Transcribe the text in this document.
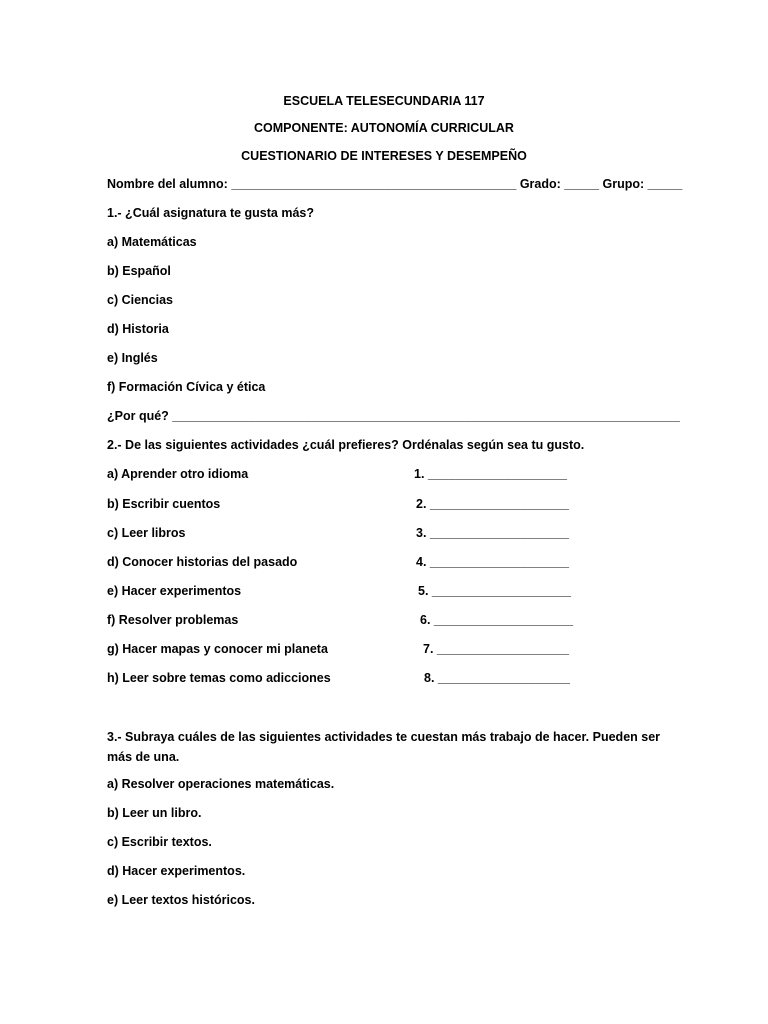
ESCUELA TELESECUNDARIA 117
COMPONENTE: AUTONOMÍA CURRICULAR
CUESTIONARIO DE INTERESES Y DESEMPEÑO
Nombre del alumno: _________________________________________ Grado: _____ Grupo: _____
1.- ¿Cuál asignatura te gusta más?
a) Matemáticas
b) Español
c) Ciencias
d) Historia
e) Inglés
f) Formación Cívica y ética
¿Por qué? _________________________________________________________________________
2.- De las siguientes actividades ¿cuál prefieres? Ordénalas según sea tu gusto.
a) Aprender otro idioma	1. ____________________
b) Escribir cuentos	2. ____________________
c) Leer libros	3. ____________________
d) Conocer historias del pasado	4. ____________________
e) Hacer experimentos	5. ____________________
f) Resolver problemas	6. ____________________
g) Hacer mapas y conocer mi planeta	7. ___________________
h) Leer sobre temas como adicciones	8. ___________________
3.- Subraya cuáles de las siguientes actividades te cuestan más trabajo de hacer. Pueden ser más de una.
a) Resolver operaciones matemáticas.
b) Leer un libro.
c) Escribir textos.
d) Hacer experimentos.
e) Leer textos históricos.
